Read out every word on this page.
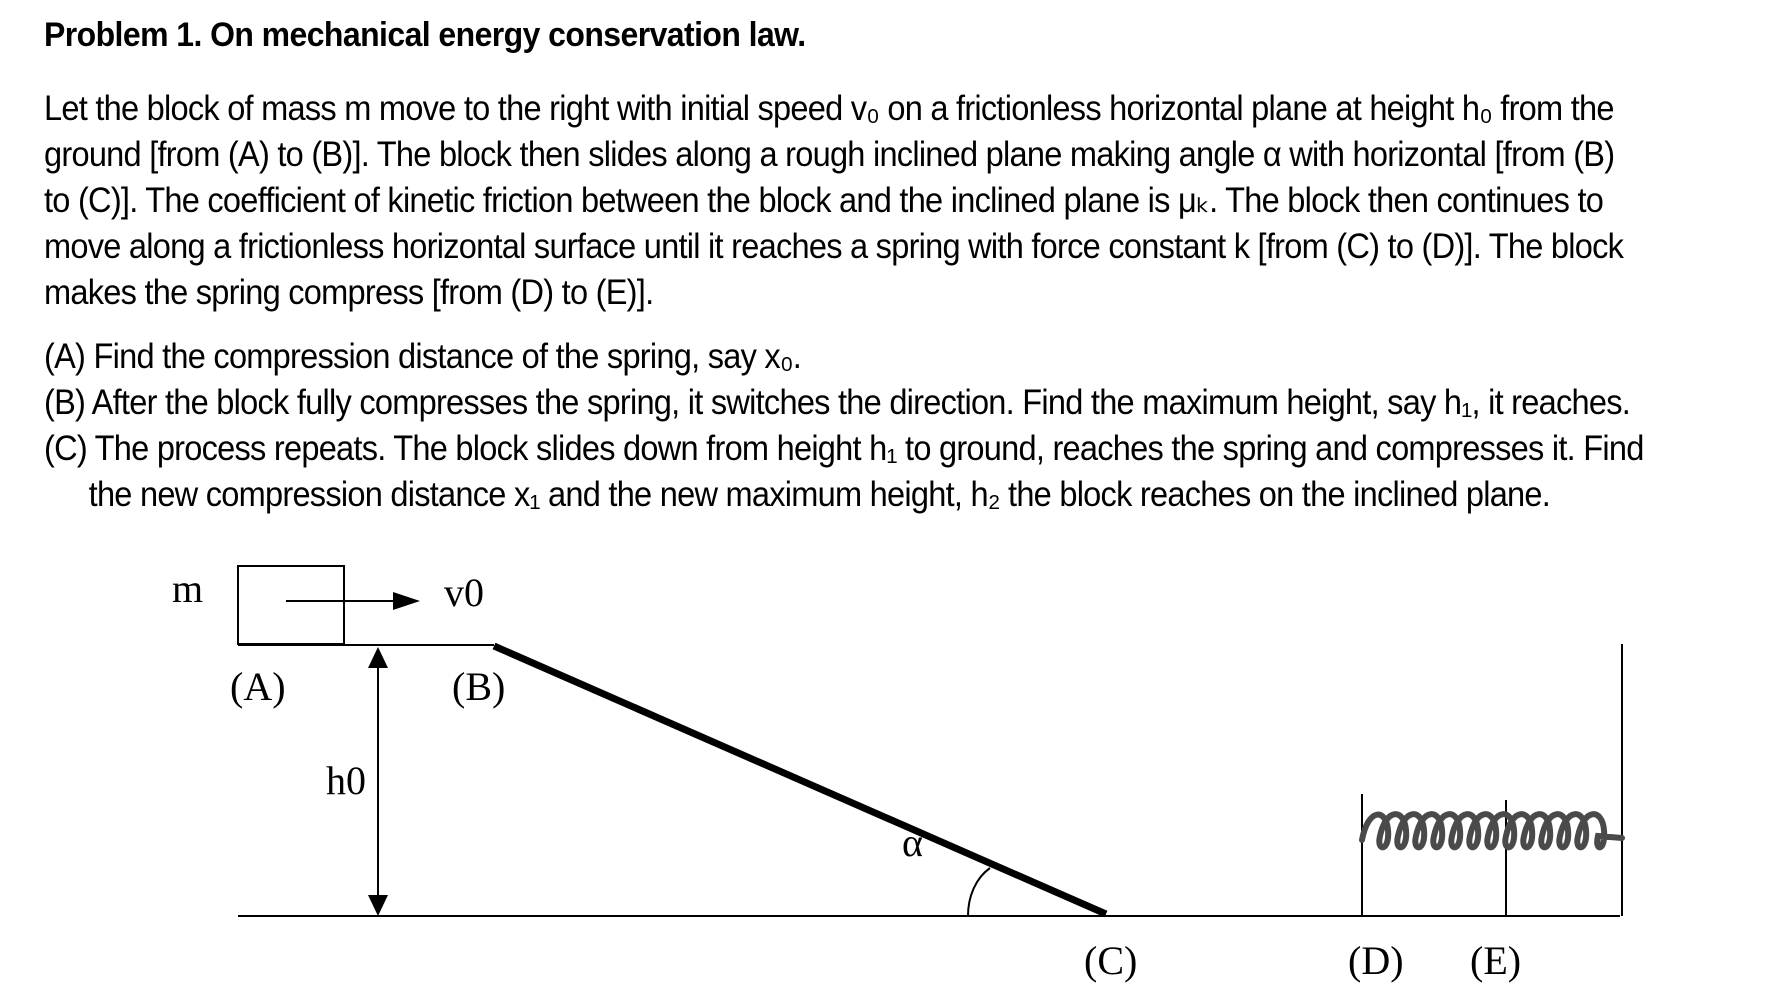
Problem 1. On mechanical energy conservation law.
Let the block of mass m move to the right with initial speed v₀ on a frictionless horizontal plane at height h₀ from the
ground [from (A) to (B)]. The block then slides along a rough inclined plane making angle α with horizontal [from (B)
to (C)]. The coefficient of kinetic friction between the block and the inclined plane is μₖ. The block then continues to
move along a frictionless horizontal surface until it reaches a spring with force constant k [from (C) to (D)]. The block
makes the spring compress [from (D) to (E)].
(A) Find the compression distance of the spring, say x₀.
(B) After the block fully compresses the spring, it switches the direction. Find the maximum height, say h₁, it reaches.
(C) The process repeats. The block slides down from height h₁ to ground, reaches the spring and compresses it. Find
the new compression distance x₁ and the new maximum height, h₂ the block reaches on the inclined plane.
m	v0
h0
α
(A)	(B)
(C)	(D) (E)
